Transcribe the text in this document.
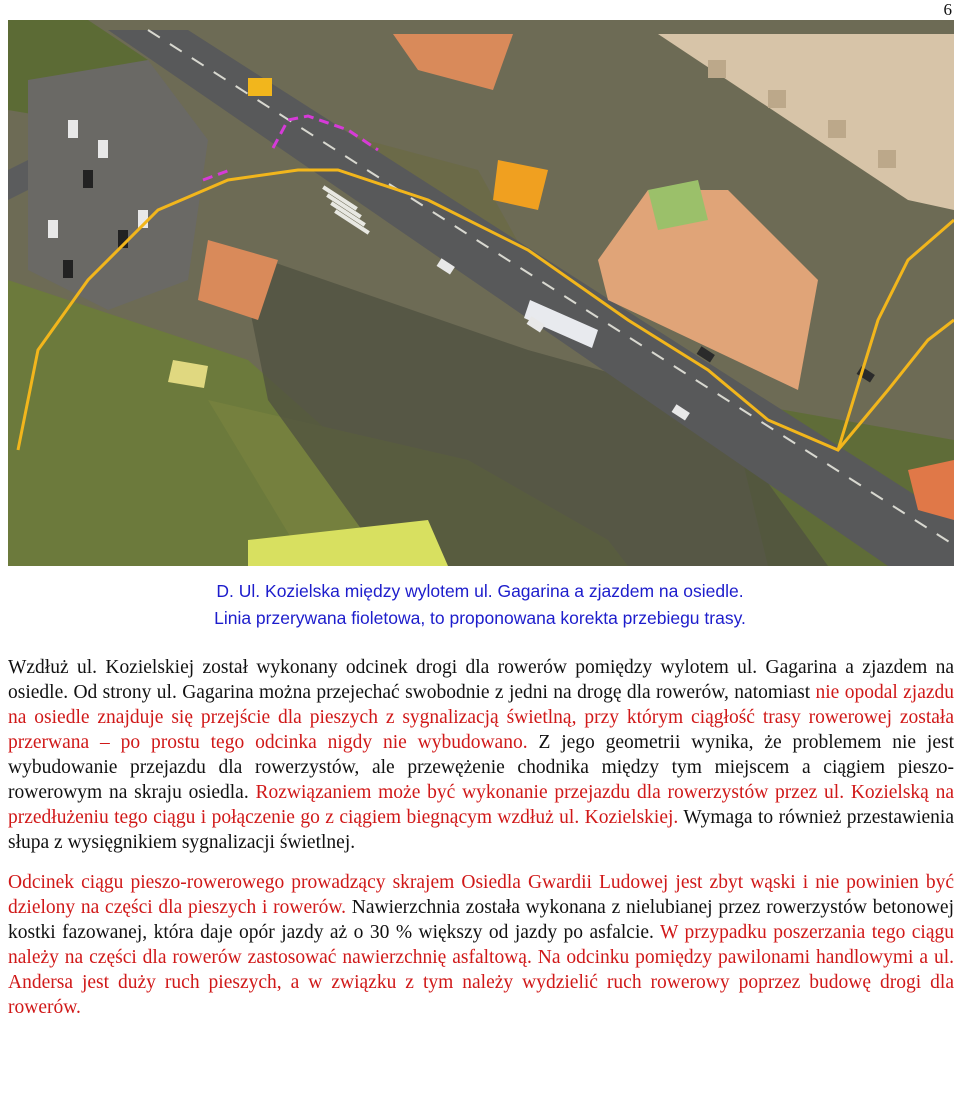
6
D. Ul. Kozielska między wylotem ul. Gagarina a zjazdem na osiedle.
Linia przerywana fioletowa, to proponowana korekta przebiegu trasy.

Wzdłuż ul. Kozielskiej został wykonany odcinek drogi dla rowerów pomiędzy wylotem ul. Gagarina a zjazdem na osiedle. Od strony ul. Gagarina można przejechać swobodnie z jedni na drogę dla rowerów, natomiast nie opodal zjazdu na osiedle znajduje się przejście dla pieszych z sygnalizacją świetlną, przy którym ciągłość trasy rowerowej została przerwana – po prostu tego odcinka nigdy nie wybudowano. Z jego geometrii wynika, że problemem nie jest wybudowanie przejazdu dla rowerzystów, ale przewężenie chodnika między tym miejscem a ciągiem pieszo-rowerowym na skraju osiedla. Rozwiązaniem może być wykonanie przejazdu dla rowerzystów przez ul. Kozielską na przedłużeniu tego ciągu i połączenie go z ciągiem biegnącym wzdłuż ul. Kozielskiej. Wymaga to również przestawienia słupa z wysięgnikiem sygnalizacji świetlnej.

Odcinek ciągu pieszo-rowerowego prowadzący skrajem Osiedla Gwardii Ludowej jest zbyt wąski i nie powinien być dzielony na części dla pieszych i rowerów. Nawierzchnia została wykonana z nielubianej przez rowerzystów betonowej kostki fazowanej, która daje opór jazdy aż o 30 % większy od jazdy po asfalcie. W przypadku poszerzania tego ciągu należy na części dla rowerów zastosować nawierzchnię asfaltową. Na odcinku pomiędzy pawilonami handlowymi a ul. Andersa jest duży ruch pieszych, a w związku z tym należy wydzielić ruch rowerowy poprzez budowę drogi dla rowerów.
